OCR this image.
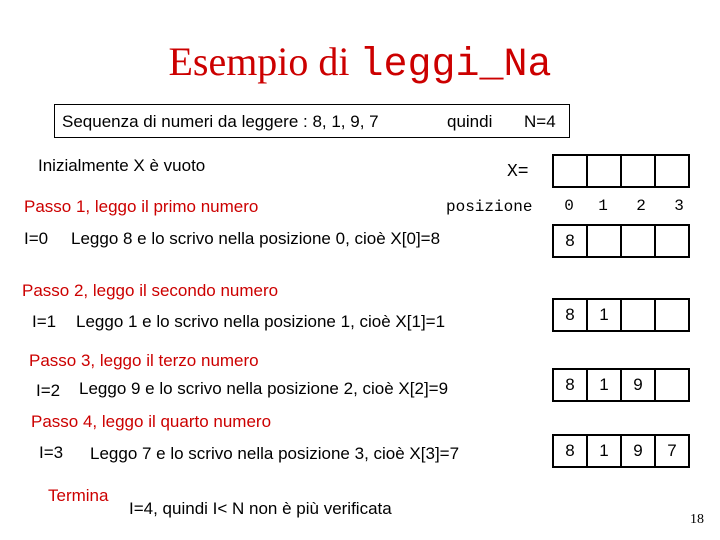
Esempio di leggi_Na
Sequenza di numeri da leggere : 8, 1, 9, 7	quindi N=4
Inizialmente X è vuoto	X=
Passo 1, leggo il primo numero	posizione	0	1	2	3
I=0 Leggo 8 e lo scrivo nella posizione 0, cioè X[0]=8	8
Passo 2, leggo il secondo numero
I=1 Leggo 1 e lo scrivo nella posizione 1, cioè X[1]=1	8	1
Passo 3, leggo il terzo numero
I=2 Leggo 9 e lo scrivo nella posizione 2, cioè X[2]=9	8	1	9
Passo 4, leggo il quarto numero
I=3 Leggo 7 e lo scrivo nella posizione 3, cioè X[3]=7	8	1	9	7
Termina
I=4, quindi I< N non è più verificata
18
